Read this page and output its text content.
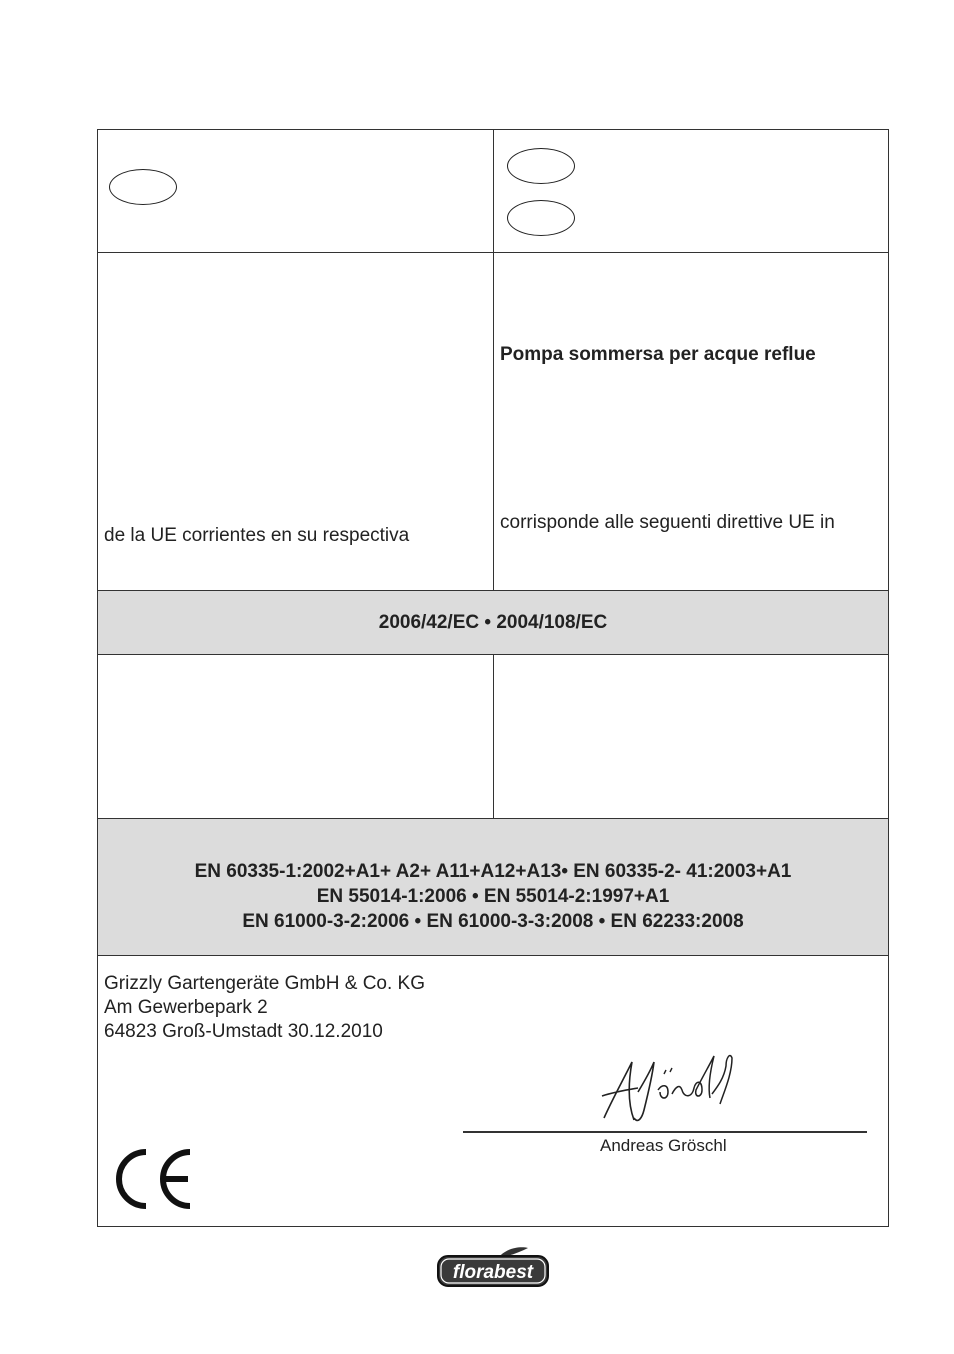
Pompa sommersa per acque reflue
de la UE corrientes en su respectiva
corrisponde alle seguenti direttive UE in
2006/42/EC • 2004/108/EC
EN 60335-1:2002+A1+ A2+ A11+A12+A13• EN 60335-2- 41:2003+A1
EN 55014-1:2006 • EN 55014-2:1997+A1
EN 61000-3-2:2006 • EN 61000-3-3:2008 • EN 62233:2008
Grizzly Gartengeräte GmbH & Co. KG
Am Gewerbepark 2
64823 Groß-Umstadt 30.12.2010
Andreas Gröschl
florabest
